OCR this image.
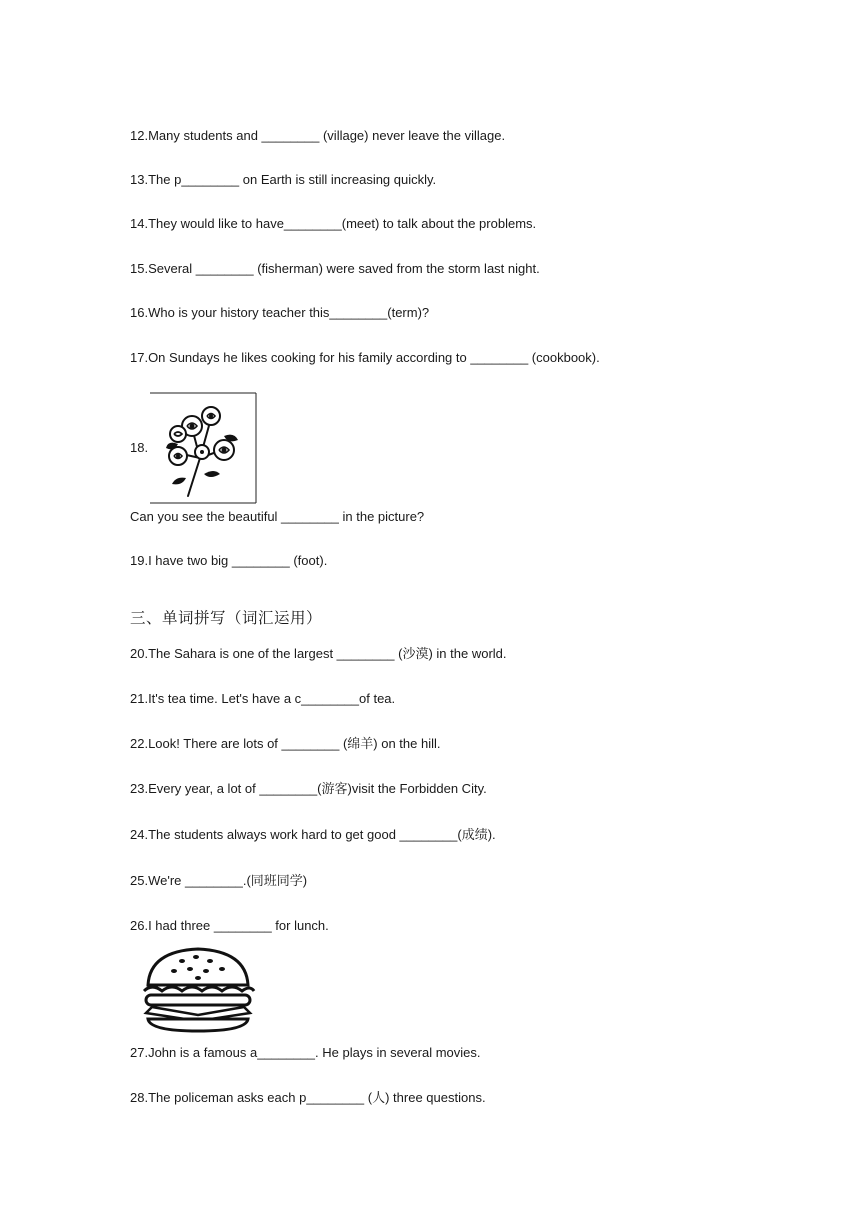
12.Many students and ________ (village) never leave the village.
13.The p________ on Earth is still increasing quickly.
14.They would like to have________(meet) to talk about the problems.
15.Several ________ (fisherman) were saved from the storm last night.
16.Who is your history teacher this________(term)?
17.On Sundays he likes cooking for his family according to ________ (cookbook).
18.
Can you see the beautiful ________ in the picture?
19.I have two big ________ (foot).
三、单词拼写（词汇运用）
20.The Sahara is one of the largest ________ (沙漠) in the world.
21.It's tea time. Let's have a c________of tea.
22.Look! There are lots of ________ (绵羊) on the hill.
23.Every year, a lot of ________(游客)visit the Forbidden City.
24.The students always work hard to get good ________(成绩).
25.We're ________.(同班同学)
26.I had three ________ for lunch.
27.John is a famous a________. He plays in several movies.
28.The policeman asks each p________ (人) three questions.
